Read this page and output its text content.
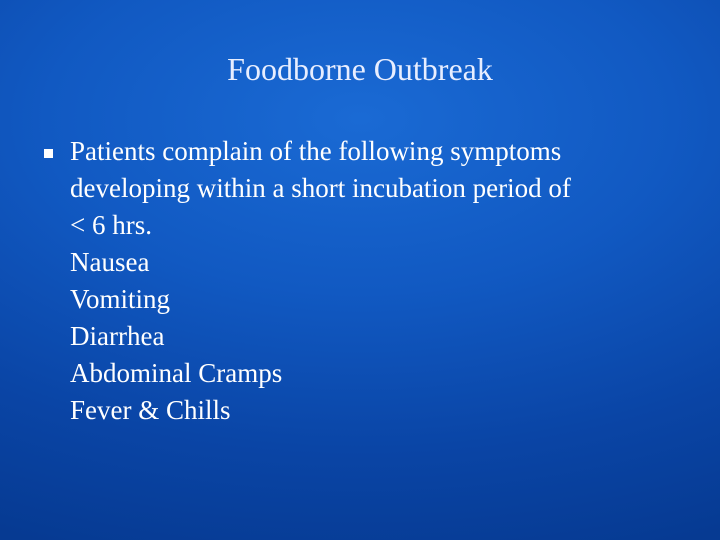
Foodborne Outbreak
Patients complain of the following symptoms
developing within a short incubation period of
< 6 hrs.
Nausea
Vomiting
Diarrhea
Abdominal Cramps
Fever & Chills
